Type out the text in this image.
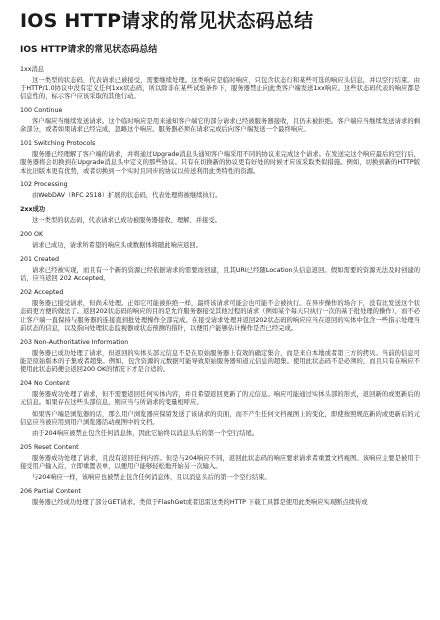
IOS HTTP请求的常见状态码总结
IOS HTTP请求的常见状态码总结
1xx消息
这一类型的状态码，代表请求已被接受，需要继续处理。这类响应是临时响应，只包含状态行和某些可选的响应头信息，并以空行结束。由于HTTP/1.0协议中没有定义任何1xx状态码，所以除非在某些试验条件下，服务器禁止向此类客户端发送1xx响应。这些状态码代表的响应都是信息性的，标示客户应该采取的其他行动。
100 Continue
客户端应当继续发送请求。这个临时响应是用来通知客户端它的部分请求已经被服务器接收，且仍未被拒绝。客户端应当继续发送请求的剩余部分，或者如果请求已经完成，忽略这个响应。服务器必须在请求完成后向客户端发送一个最终响应。
101 Switching Protocols
服务器已经理解了客户端的请求，并将通过Upgrade消息头通知客户端采用不同的协议来完成这个请求。在发送完这个响应最后的空行后，服务器将会切换到在Upgrade消息头中定义的那些协议。只有在切换新的协议更有好处的时候才应该采取类似措施。例如，切换到新的HTTP版本比旧版本更有优势，或者切换到一个实时且同步的协议以传送利用此类特性的资源。
102 Processing
由WebDAV（RFC 2518）扩展的状态码，代表处理将被继续执行。
2xx成功
这一类型的状态码，代表请求已成功被服务器接收、理解、并接受。
200 OK
请求已成功，请求所希望的响应头或数据体将随此响应返回。
201 Created
请求已经被实现，而且有一个新的资源已经依据请求的需要而创建，且其URI已经随Location头信息返回。假如需要的资源无法及时创建的话，应当返回 202 Accepted。
202 Accepted
服务器已接受请求，但尚未处理。正如它可能被拒绝一样，最终该请求可能会也可能不会被执行。在异步操作的场合下，没有比发送这个状态码更方便的做法了。返回202状态码的响应的目的是允许服务器接受其他过程的请求（例如某个每天只执行一次的基于批处理的操作），而不必让客户端一直保持与服务器的连接直到批处理操作全部完成。在接受请求处理并返回202状态码的响应应当在返回的实体中包含一些指示处理当前状态的信息，以及指向处理状态监视器或状态预测的指针，以便用户能够估计操作是否已经完成。
203 Non-Authoritative Information
服务器已成功处理了请求，但返回的实体头部元信息不是在原始服务器上有效的确定集合，而是来自本地或者第三方的拷贝。当前的信息可能是原始版本的子集或者超集。例如，包含资源的元数据可能导致原始服务器知道元信息的超集。使用此状态码不是必须的，而且只有在响应不使用此状态码便会返回200 OK的情况下才是合适的。
204 No Content
服务器成功处理了请求，但不需要返回任何实体内容，并且希望返回更新了的元信息。响应可能通过实体头部的形式，返回新的或更新后的元信息。如果存在这些头部信息，则应当与所请求的变量相呼应。
如果客户端是浏览器的话，那么用户浏览器应保留发送了该请求的页面，而不产生任何文档视图上的变化，即使按照规范新的或更新后的元信息应当被应用到用户浏览器活动视图中的文档。
由于204响应被禁止包含任何消息体，因此它始终以消息头后的第一个空行结尾。
205 Reset Content
服务器成功处理了请求，且没有返回任何内容。但是与204响应不同，返回此状态码的响应要求请求者重置文档视图。该响应主要是被用于接受用户输入后，立即重置表单，以便用户能够轻松地开始另一次输入。
与204响应一样，该响应也被禁止包含任何消息体，且以消息头后的第一个空行结束。
206 Partial Content
服务器已经成功处理了部分GET请求。类似于FlashGet或者迅雷这类的HTTP 下载工具都是使用此类响应实现断点续传或
